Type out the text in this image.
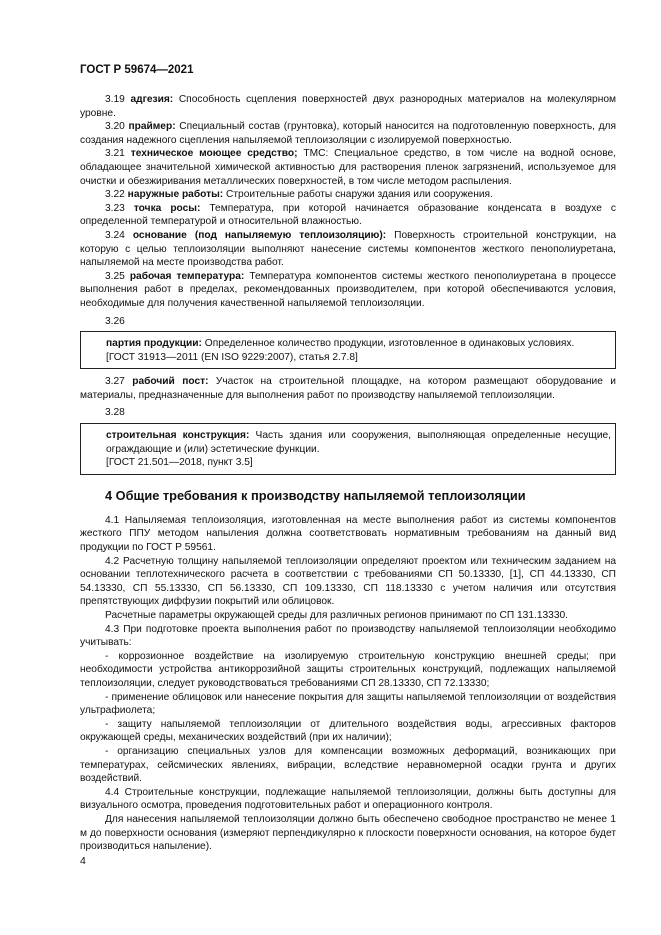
ГОСТ Р 59674—2021

3.19 адгезия: Способность сцепления поверхностей двух разнородных материалов на молекулярном уровне.

3.20 праймер: Специальный состав (грунтовка), который наносится на подготовленную поверхность, для создания надежного сцепления напыляемой теплоизоляции с изолируемой поверхностью.

3.21 техническое моющее средство; ТМС: Специальное средство, в том числе на водной основе, обладающее значительной химической активностью для растворения пленок загрязнений, используемое для очистки и обезжиривания металлических поверхностей, в том числе методом распыления.

3.22 наружные работы: Строительные работы снаружи здания или сооружения.

3.23 точка росы: Температура, при которой начинается образование конденсата в воздухе с определенной температурой и относительной влажностью.

3.24 основание (под напыляемую теплоизоляцию): Поверхность строительной конструкции, на которую с целью теплоизоляции выполняют нанесение системы компонентов жесткого пенополиуретана, напыляемой на месте производства работ.

3.25 рабочая температура: Температура компонентов системы жесткого пенополиуретана в процессе выполнения работ в пределах, рекомендованных производителем, при которой обеспечиваются условия, необходимые для получения качественной напыляемой теплоизоляции.

3.26

партия продукции: Определенное количество продукции, изготовленное в одинаковых условиях.

[ГОСТ 31913—2011 (EN ISO 9229:2007), статья 2.7.8]

3.27 рабочий пост: Участок на строительной площадке, на котором размещают оборудование и материалы, предназначенные для выполнения работ по производству напыляемой теплоизоляции.

3.28

строительная конструкция: Часть здания или сооружения, выполняющая определенные несущие, ограждающие и (или) эстетические функции.

[ГОСТ 21.501—2018, пункт 3.5]

4 Общие требования к производству напыляемой теплоизоляции

4.1 Напыляемая теплоизоляция, изготовленная на месте выполнения работ из системы компонентов жесткого ППУ методом напыления должна соответствовать нормативным требованиям на данный вид продукции по ГОСТ Р 59561.

4.2 Расчетную толщину напыляемой теплоизоляции определяют проектом или техническим заданием на основании теплотехнического расчета в соответствии с требованиями СП 50.13330, [1], СП 44.13330, СП 54.13330, СП 55.13330, СП 56.13330, СП 109.13330, СП 118.13330 с учетом наличия или отсутствия препятствующих диффузии покрытий или облицовок.

Расчетные параметры окружающей среды для различных регионов принимают по СП 131.13330.

4.3 При подготовке проекта выполнения работ по производству напыляемой теплоизоляции необходимо учитывать:

- коррозионное воздействие на изолируемую строительную конструкцию внешней среды; при необходимости устройства антикоррозийной защиты строительных конструкций, подлежащих напыляемой теплоизоляции, следует руководствоваться требованиями СП 28.13330, СП 72.13330;

- применение облицовок или нанесение покрытия для защиты напыляемой теплоизоляции от воздействия ультрафиолета;

- защиту напыляемой теплоизоляции от длительного воздействия воды, агрессивных факторов окружающей среды, механических воздействий (при их наличии);

- организацию специальных узлов для компенсации возможных деформаций, возникающих при температурах, сейсмических явлениях, вибрации, вследствие неравномерной осадки грунта и других воздействий.

4.4 Строительные конструкции, подлежащие напыляемой теплоизоляции, должны быть доступны для визуального осмотра, проведения подготовительных работ и операционного контроля.

Для нанесения напыляемой теплоизоляции должно быть обеспечено свободное пространство не менее 1 м до поверхности основания (измеряют перпендикулярно к плоскости поверхности основания, на которое будет производиться напыление).

4
